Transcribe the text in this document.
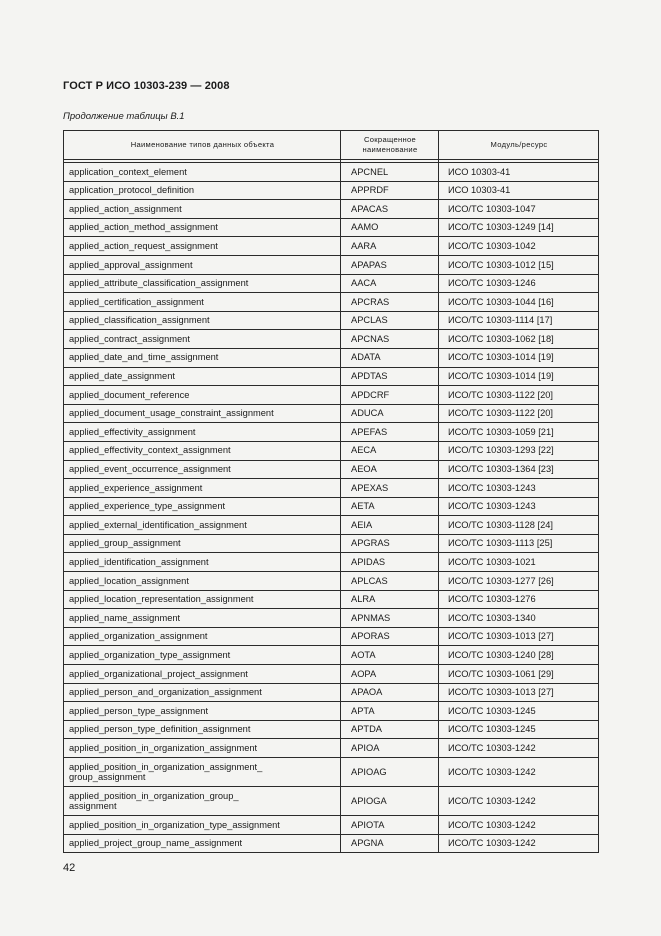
ГОСТ Р ИСО 10303-239 — 2008
Продолжение таблицы В.1
Наименование типов данных объекта	Сокращенное наименование	Модуль/ресурс

application_context_element	APCNEL	ИСО 10303-41
application_protocol_definition	APPRDF	ИСО 10303-41
applied_action_assignment	APACAS	ИСО/ТС 10303-1047
applied_action_method_assignment	AAMO	ИСО/ТС 10303-1249 [14]
applied_action_request_assignment	AARA	ИСО/ТС 10303-1042
applied_approval_assignment	APAPAS	ИСО/ТС 10303-1012 [15]
applied_attribute_classification_assignment	AACA	ИСО/ТС 10303-1246
applied_certification_assignment	APCRAS	ИСО/ТС 10303-1044 [16]
applied_classification_assignment	APCLAS	ИСО/ТС 10303-1114 [17]
applied_contract_assignment	APCNAS	ИСО/ТС 10303-1062 [18]
applied_date_and_time_assignment	ADATA	ИСО/ТС 10303-1014 [19]
applied_date_assignment	APDTAS	ИСО/ТС 10303-1014 [19]
applied_document_reference	APDCRF	ИСО/ТС 10303-1122 [20]
applied_document_usage_constraint_assignment	ADUCA	ИСО/ТС 10303-1122 [20]
applied_effectivity_assignment	APEFAS	ИСО/ТС 10303-1059 [21]
applied_effectivity_context_assignment	AECA	ИСО/ТС 10303-1293 [22]
applied_event_occurrence_assignment	AEOA	ИСО/ТС 10303-1364 [23]
applied_experience_assignment	APEXAS	ИСО/ТС 10303-1243
applied_experience_type_assignment	AETA	ИСО/ТС 10303-1243
applied_external_identification_assignment	AEIA	ИСО/ТС 10303-1128 [24]
applied_group_assignment	APGRAS	ИСО/ТС 10303-1113 [25]
applied_identification_assignment	APIDAS	ИСО/ТС 10303-1021
applied_location_assignment	APLCAS	ИСО/ТС 10303-1277 [26]
applied_location_representation_assignment	ALRA	ИСО/ТС 10303-1276
applied_name_assignment	APNMAS	ИСО/ТС 10303-1340
applied_organization_assignment	APORAS	ИСО/ТС 10303-1013 [27]
applied_organization_type_assignment	AOTA	ИСО/ТС 10303-1240 [28]
applied_organizational_project_assignment	AOPA	ИСО/ТС 10303-1061 [29]
applied_person_and_organization_assignment	APAOA	ИСО/ТС 10303-1013 [27]
applied_person_type_assignment	APTA	ИСО/ТС 10303-1245
applied_person_type_definition_assignment	APTDA	ИСО/ТС 10303-1245
applied_position_in_organization_assignment	APIOA	ИСО/ТС 10303-1242
applied_position_in_organization_assignment_
group_assignment	APIOAG	ИСО/ТС 10303-1242
applied_position_in_organization_group_
assignment	APIOGA	ИСО/ТС 10303-1242
applied_position_in_organization_type_assignment	APIOTA	ИСО/ТС 10303-1242
applied_project_group_name_assignment	APGNA	ИСО/ТС 10303-1242
42
